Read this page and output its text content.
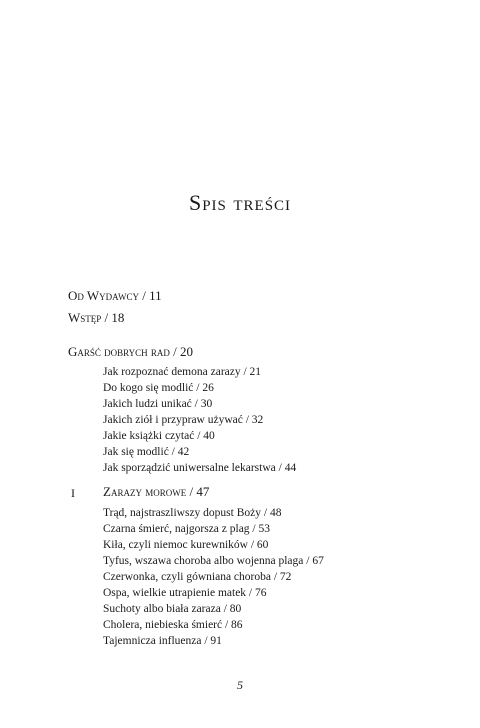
Spis treści
Od Wydawcy / 11
Wstęp / 18
Garść dobrych rad / 20
Jak rozpoznać demona zarazy / 21
Do kogo się modlić / 26
Jakich ludzi unikać / 30
Jakich ziół i przypraw używać / 32
Jakie książki czytać / 40
Jak się modlić / 42
Jak sporządzić uniwersalne lekarstwa / 44
I Zarazy morowe / 47
Trąd, najstraszliwszy dopust Boży / 48
Czarna śmierć, najgorsza z plag / 53
Kiła, czyli niemoc kurewników / 60
Tyfus, wszawa choroba albo wojenna plaga / 67
Czerwonka, czyli gówniana choroba / 72
Ospa, wielkie utrapienie matek / 76
Suchoty albo biała zaraza / 80
Cholera, niebieska śmierć / 86
Tajemnicza influenza / 91
5
